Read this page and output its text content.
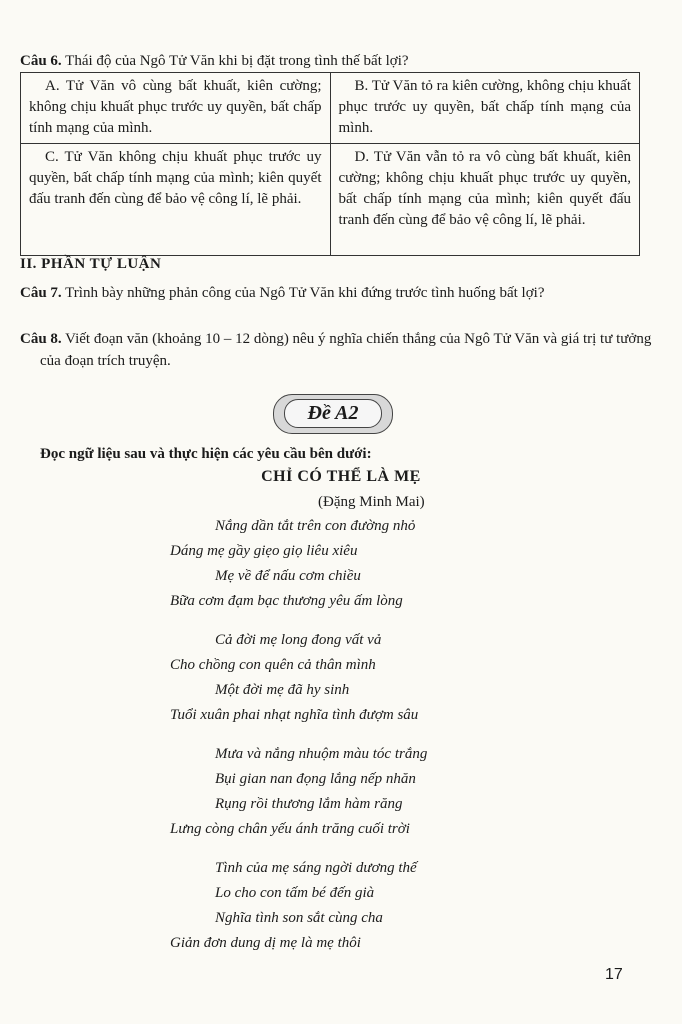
Câu 6. Thái độ của Ngô Tử Văn khi bị đặt trong tình thế bất lợi?
A. Tử Văn vô cùng bất khuất, kiên cường; không chịu khuất phục trước uy quyền, bất chấp tính mạng của mình.	B. Tử Văn tỏ ra kiên cường, không chịu khuất phục trước uy quyền, bất chấp tính mạng của mình.

C. Tử Văn không chịu khuất phục trước uy quyền, bất chấp tính mạng của mình; kiên quyết đấu tranh đến cùng để bảo vệ công lí, lẽ phải.	D. Tử Văn vẫn tỏ ra vô cùng bất khuất, kiên cường; không chịu khuất phục trước uy quyền, bất chấp tính mạng của mình; kiên quyết đấu tranh đến cùng để bảo vệ công lí, lẽ phải.
II. PHẦN TỰ LUẬN
Câu 7. Trình bày những phản công của Ngô Tử Văn khi đứng trước tình huống bất lợi?
Câu 8. Viết đoạn văn (khoảng 10 – 12 dòng) nêu ý nghĩa chiến thắng của Ngô Tử Văn và giá trị tư tưởng của đoạn trích truyện.
Đề A2
Đọc ngữ liệu sau và thực hiện các yêu cầu bên dưới:
CHỈ CÓ THỂ LÀ MẸ
(Đặng Minh Mai)
Nắng dần tắt trên con đường nhỏ
Dáng mẹ gầy giẹo giọ liêu xiêu
Mẹ về để nấu cơm chiều
Bữa cơm đạm bạc thương yêu ấm lòng
Cả đời mẹ long đong vất vả
Cho chồng con quên cả thân mình
Một đời mẹ đã hy sinh
Tuổi xuân phai nhạt nghĩa tình đượm sâu
Mưa và nắng nhuộm màu tóc trắng
Bụi gian nan đọng lắng nếp nhăn
Rụng rồi thương lắm hàm răng
Lưng còng chân yếu ánh trăng cuối trời
Tình của mẹ sáng ngời dương thế
Lo cho con tấm bé đến già
Nghĩa tình son sắt cùng cha
Giản đơn dung dị mẹ là mẹ thôi
17
